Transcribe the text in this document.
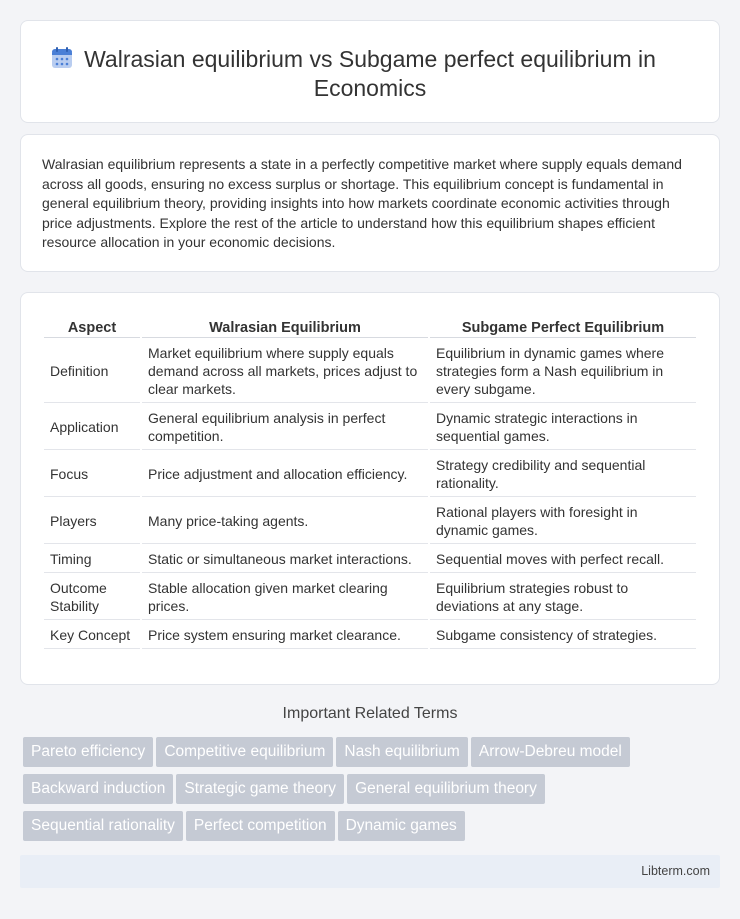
Walrasian equilibrium vs Subgame perfect equilibrium in Economics

Walrasian equilibrium represents a state in a perfectly competitive market where supply equals demand across all goods, ensuring no excess surplus or shortage. This equilibrium concept is fundamental in general equilibrium theory, providing insights into how markets coordinate economic activities through price adjustments. Explore the rest of the article to understand how this equilibrium shapes efficient resource allocation in your economic decisions.

Aspect	Walrasian Equilibrium	Subgame Perfect Equilibrium
Definition	Market equilibrium where supply equals demand across all markets, prices adjust to clear markets.	Equilibrium in dynamic games where strategies form a Nash equilibrium in every subgame.
Application	General equilibrium analysis in perfect competition.	Dynamic strategic interactions in sequential games.
Focus	Price adjustment and allocation efficiency.	Strategy credibility and sequential rationality.
Players	Many price-taking agents.	Rational players with foresight in dynamic games.
Timing	Static or simultaneous market interactions.	Sequential moves with perfect recall.
Outcome Stability	Stable allocation given market clearing prices.	Equilibrium strategies robust to deviations at any stage.
Key Concept	Price system ensuring market clearance.	Subgame consistency of strategies.
Important Related Terms
Pareto efficiency Competitive equilibrium Nash equilibrium Arrow-Debreu model
Backward induction Strategic game theory General equilibrium theory
Sequential rationality Perfect competition Dynamic games
Libterm.com
